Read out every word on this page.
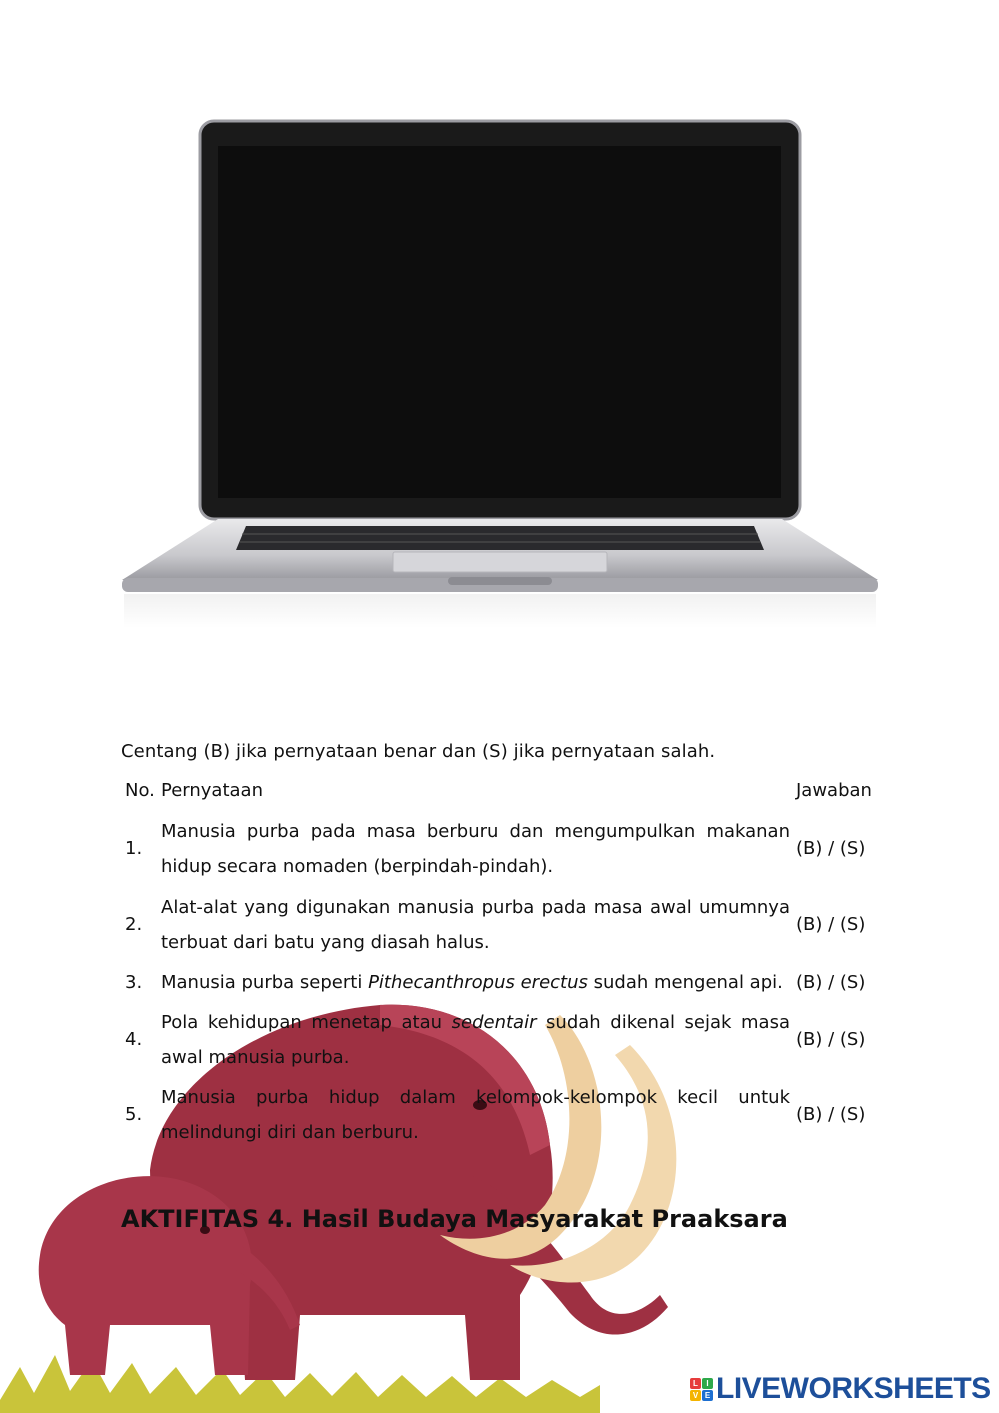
Centang (B) jika pernyataan benar dan (S) jika pernyataan salah.
No. Pernyataan	Jawaban
1.
Manusia purba pada masa berburu dan mengumpulkan makanan hidup secara nomaden (berpindah-pindah).
(B) / (S)
2.
Alat-alat yang digunakan manusia purba pada masa awal umumnya terbuat dari batu yang diasah halus.
(B) / (S)
3. Manusia purba seperti Pithecanthropus erectus sudah mengenal api. (B) / (S)
4.
Pola kehidupan menetap atau sedentair sudah dikenal sejak masa awal manusia purba.
(B) / (S)
5.
Manusia purba hidup dalam kelompok-kelompok kecil untuk melindungi diri dan berburu.
(B) / (S)
AKTIFITAS 4. Hasil Budaya Masyarakat Praaksara
L	I
V E LIVEWORKSHEETS
